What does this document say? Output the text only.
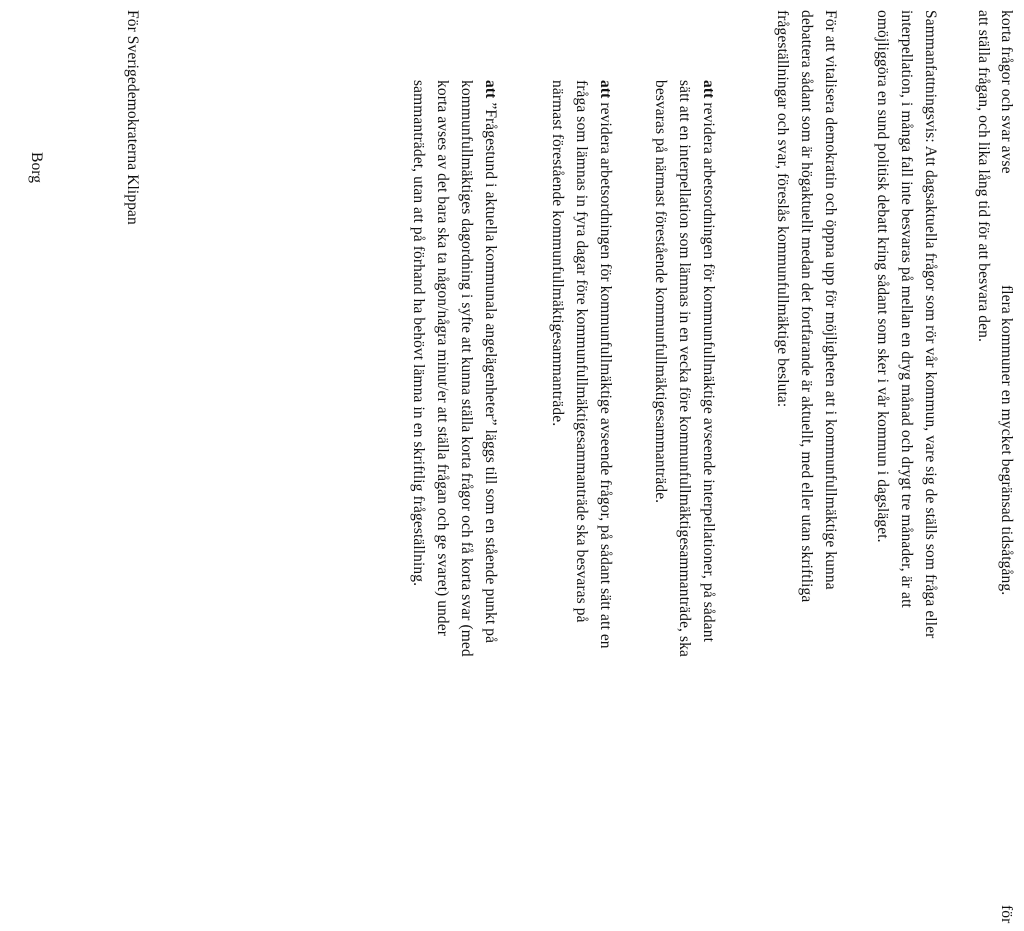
korta frågor och svar avse
flera kommuner en mycket begränsad tidsåtgång.
för
att ställa frågan, och lika lång tid för att besvara den.
Sammanfattningsvis: Att dagsaktuella frågor som rör vår kommun, vare sig de ställs som fråga eller
interpellation, i många fall inte besvaras på mellan en dryg månad och drygt tre månader, är att
omöjliggöra en sund politisk debatt kring sådant som sker i vår kommun i dagsläget.
För att vitalisera demokratin och öppna upp för möjligheten att i kommunfullmäktige kunna
debattera sådant som är högaktuellt medan det fortfarande är aktuellt, med eller utan skriftliga
frågeställningar och svar, föreslås kommunfullmäktige besluta:
att revidera arbetsordningen för kommunfullmäktige avseende interpellationer, på sådant
sätt att en interpellation som lämnas in en vecka före kommunfullmäktigesammanträde, ska
besvaras på närmast förestående kommunfullmäktigesammanträde.
att revidera arbetsordningen för kommunfullmäktige avseende frågor, på sådant sätt att en
fråga som lämnas in fyra dagar före kommunfullmäktigesammanträde ska besvaras på
närmast förestående kommunfullmäktigesammanträde.
att ”Frågestund i aktuella kommunala angelägenheter” läggs till som en stående punkt på
kommunfullmäktiges dagordning i syfte att kunna ställa korta frågor och få korta svar (med
korta avses av det bara ska ta någon/några minut/er att ställa frågan och ge svaret) under
sammanträdet, utan att på förhand ha behövt lämna in en skriftlig frågeställning.
För Sverigedemokraterna Klippan
Borg
